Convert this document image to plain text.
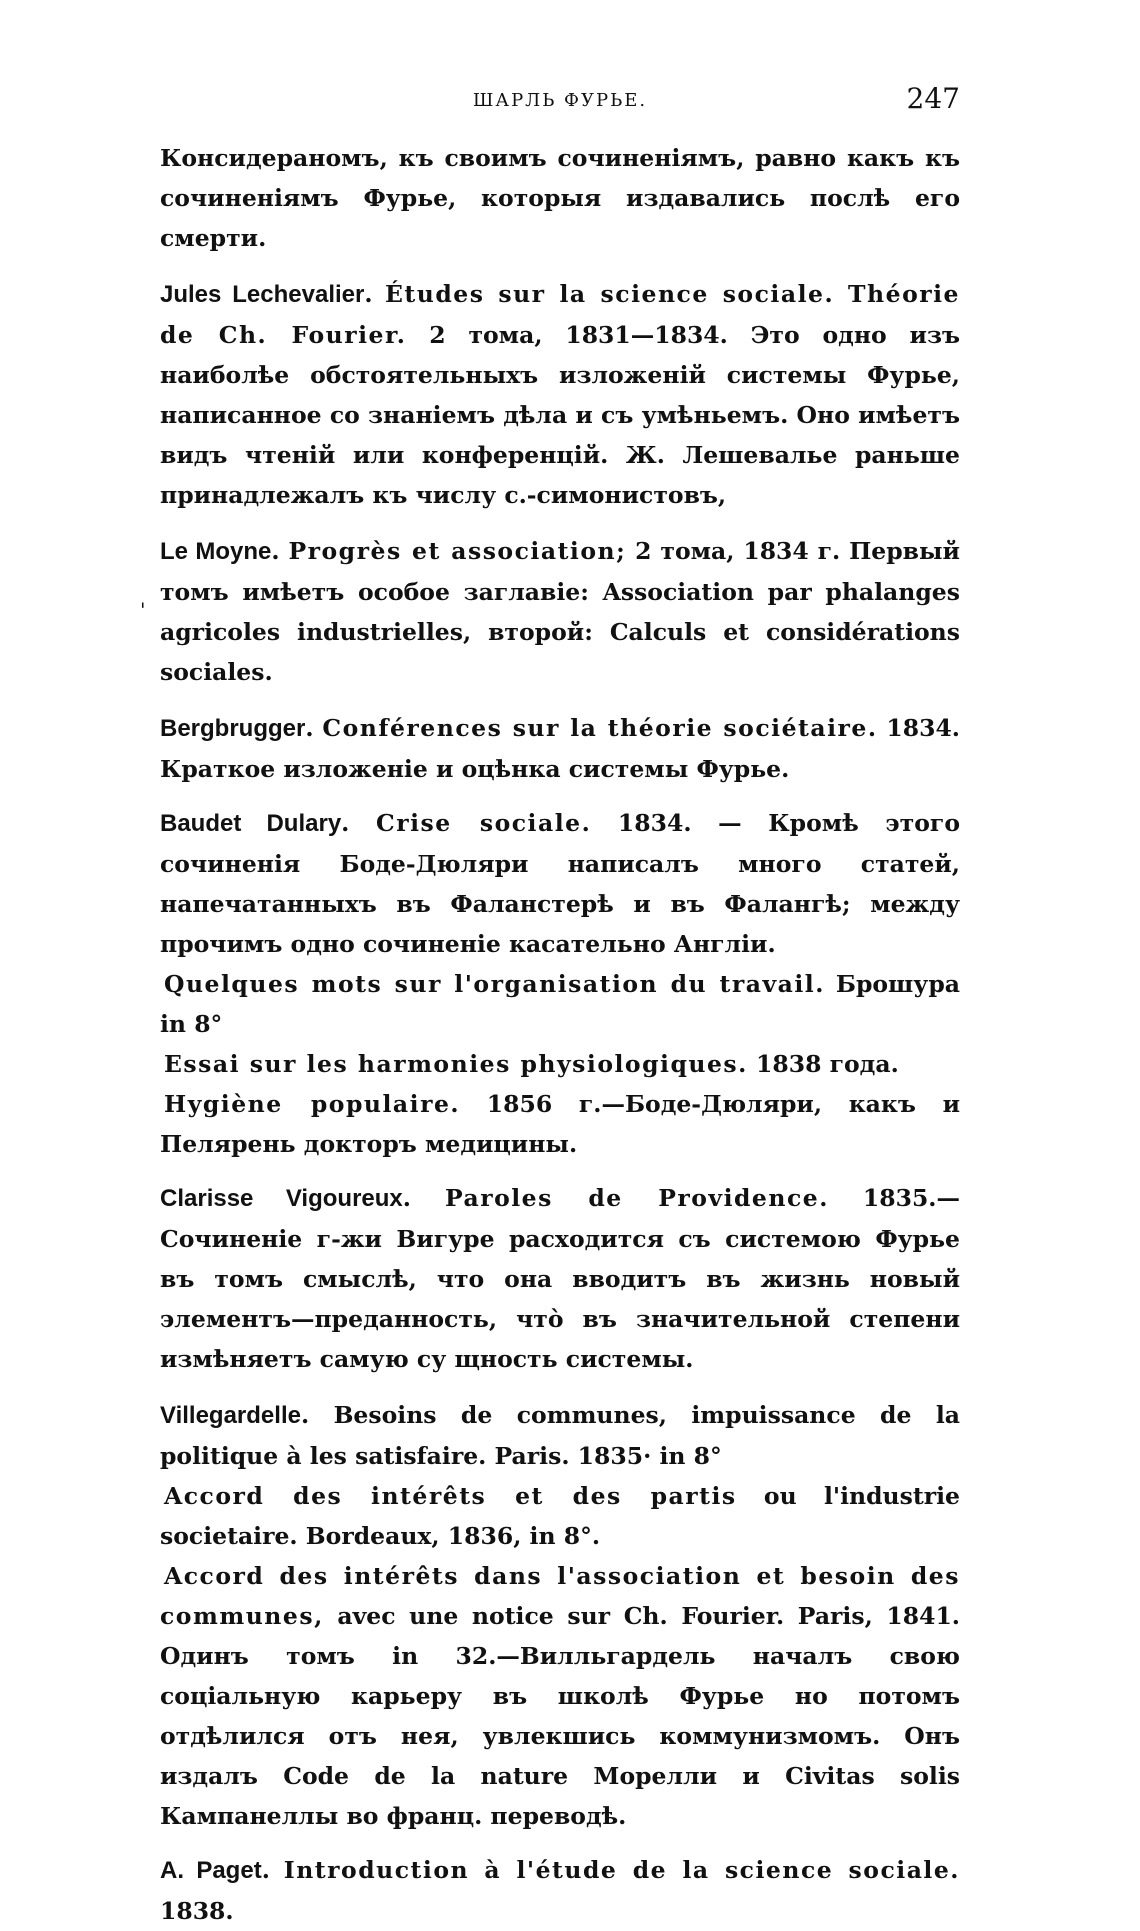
ШАРЛЬ ФУРЬЕ.	247
'

Консидераномъ, къ своимъ сочиненiямъ, равно какъ къ сочиненiямъ Фурье, которыя издавались послѣ его смерти.

Jules Lechevalier. Études sur la science sociale. Théorie de Ch. Fourier. 2 тома, 1831—1834. Это одно изъ наиболѣе обстоятельныхъ изложенiй системы Фурье, написанное со знанiемъ дѣла и съ умѣньемъ. Оно имѣетъ видъ чтенiй или конференцiй. Ж. Лешевалье раньше принадлежалъ къ числу с.-симонистовъ,

Le Moyne. Progrès et association; 2 тома, 1834 г. Первый томъ имѣетъ особое заглавiе: Association par phalanges agricoles industrielles, второй: Calculs et considérations sociales.

Bergbrugger. Conférences sur la théorie sociétaire. 1834. Краткое изложенiе и оцѣнка системы Фурье.

Baudet Dulary. Crise sociale. 1834. — Кромѣ этого сочиненiя Боде-Дюляри написалъ много статей, напечатанныхъ въ Фаланстерѣ и въ Фалангѣ; между прочимъ одно сочиненiе касательно Англiи.

Quelques mots sur l'organisation du travail. Брошура in 8°

Essai sur les harmonies physiologiques. 1838 года.

Hygiène populaire. 1856 г.—Боде-Дюляри, какъ и Пелярень докторъ медицины.

Clarisse Vigoureux. Paroles de Providence. 1835.—Сочиненiе г-жи Вигуре расходится съ системою Фурье въ томъ смыслѣ, что она вводитъ въ жизнь новый элементъ—преданность, чтò въ значительной степени измѣняетъ самую су щность системы.

Villegardelle. Besoins de communes, impuissance de la politique à les satisfaire. Paris. 1835· in 8°

Accord des intérêts et des partis ou l'industrie societaire. Bordeaux, 1836, in 8°.

Accord des intérêts dans l'association et besoin des communes, avec une notice sur Ch. Fourier. Paris, 1841. Одинъ томъ in 32.—Вилльгардель началъ свою соцiальную карьеру въ школѣ Фурье но потомъ отдѣлился отъ нея, увлекшись коммунизмомъ. Онъ издалъ Code de la nature Морелли и Civitas solis Кампанеллы во франц. переводѣ.

A. Paget. Introduction à l'étude de la science sociale. 1838.
